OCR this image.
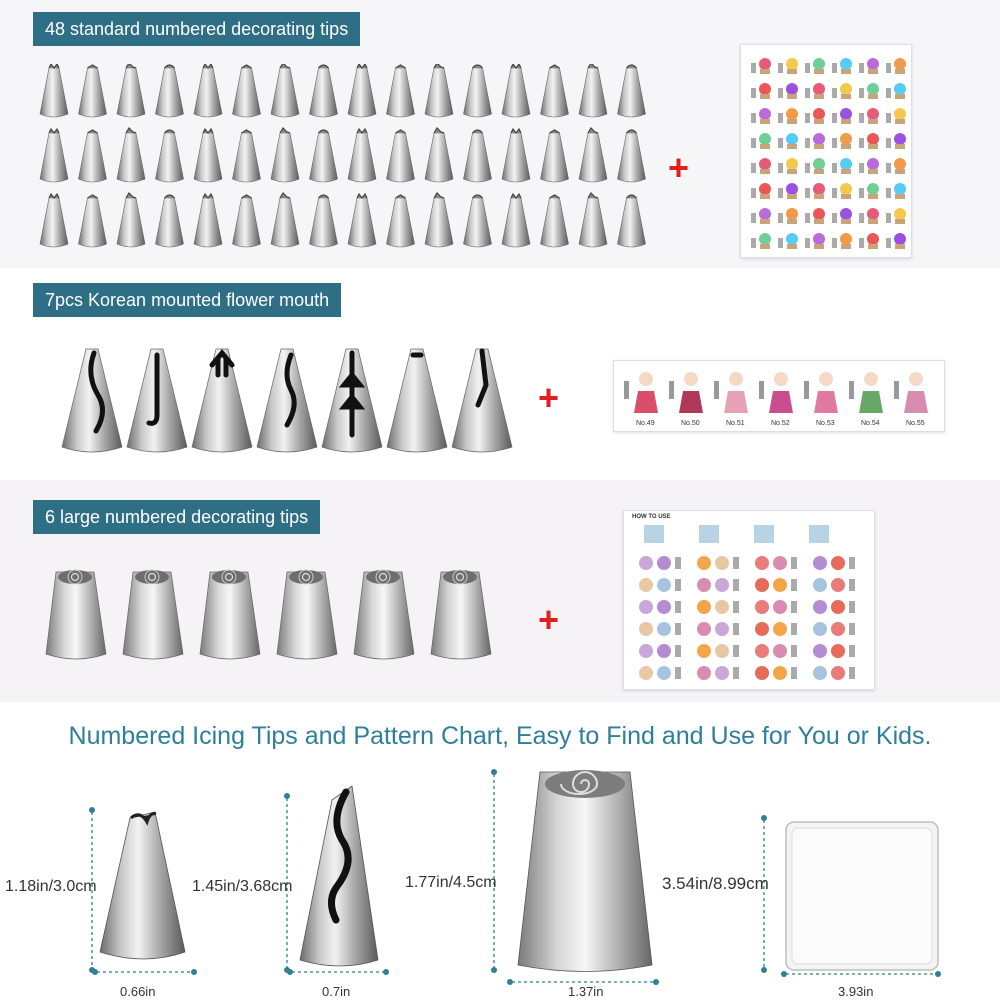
48 standard numbered decorating tips
7pcs Korean mounted flower mouth
6 large numbered decorating tips
+
+
+
No.49	No.50	No.51	No.52	No.53	No.54	No.55
HOW TO USE
Numbered Icing Tips and Pattern Chart, Easy to Find and Use for You or Kids.
1.18in/3.0cm
0.66in
1.45in/3.68cm
0.7in
1.77in/4.5cm
1.37in
3.54in/8.99cm
3.93in
